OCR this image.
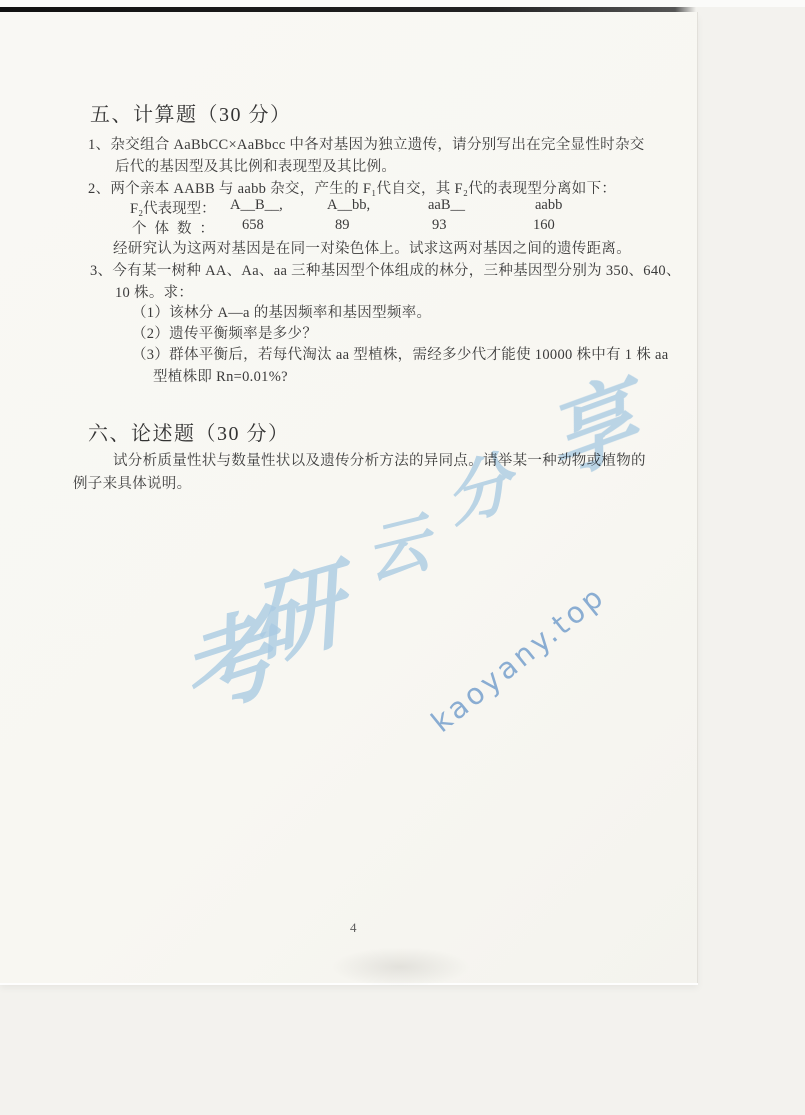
五、计算题（30 分）
1、杂交组合 AaBbCC×AaBbcc 中各对基因为独立遗传，请分别写出在完全显性时杂交
后代的基因型及其比例和表现型及其比例。
2、两个亲本 AABB 与 aabb 杂交，产生的 F₁代自交，其 F₂代的表现型分离如下：
F₂代表现型： A__B__,	A__bb,	aaB__	aabb
个体数： 658	89	93	160
经研究认为这两对基因是在同一对染色体上。试求这两对基因之间的遗传距离。
3、今有某一树种 AA、Aa、aa 三种基因型个体组成的林分，三种基因型分别为 350、640、
10 株。求：
（1）该林分 A—a 的基因频率和基因型频率。
（2）遗传平衡频率是多少？
（3）群体平衡后，若每代淘汰 aa 型植株，需经多少代才能使 10000 株中有 1 株 aa
型植株即 Rn=0.01%?
六、论述题（30 分）
试分析质量性状与数量性状以及遗传分析方法的异同点。请举某一种动物或植物的
例子来具体说明。
4
考
研 云
分 享
kaoyany.top
